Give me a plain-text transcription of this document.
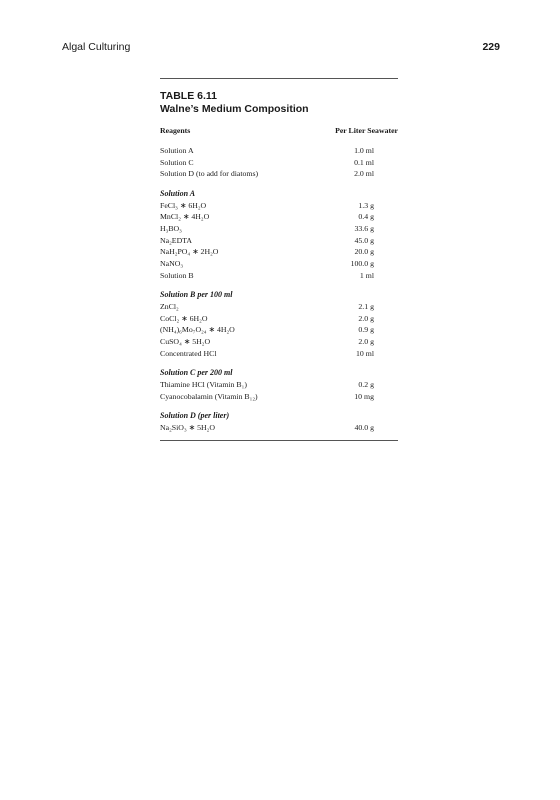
Algal Culturing	229
TABLE 6.11
Walne’s Medium Composition
Reagents	Per Liter Seawater
Solution A	1.0 ml
Solution C	0.1 ml
Solution D (to add for diatoms)	2.0 ml
Solution A
FeCl₃ ∗ 6H₂O	1.3 g
MnCl₂ ∗ 4H₂O	0.4 g
H₃BO₃	33.6 g
Na₂EDTA	45.0 g
NaH₂PO₄ ∗ 2H₂O	20.0 g
NaNO₃	100.0 g
Solution B	1 ml
Solution B per 100 ml
ZnCl₂	2.1 g
CoCl₂ ∗ 6H₂O	2.0 g
(NH₄)₆Mo₇O₂₄ ∗ 4H₂O	0.9 g
CuSO₄ ∗ 5H₂O	2.0 g
Concentrated HCl	10 ml
Solution C per 200 ml
Thiamine HCl (Vitamin B₁)	0.2 g
Cyanocobalamin (Vitamin B₁₂)	10 mg
Solution D (per liter)
Na₂SiO₃ ∗ 5H₂O	40.0 g
